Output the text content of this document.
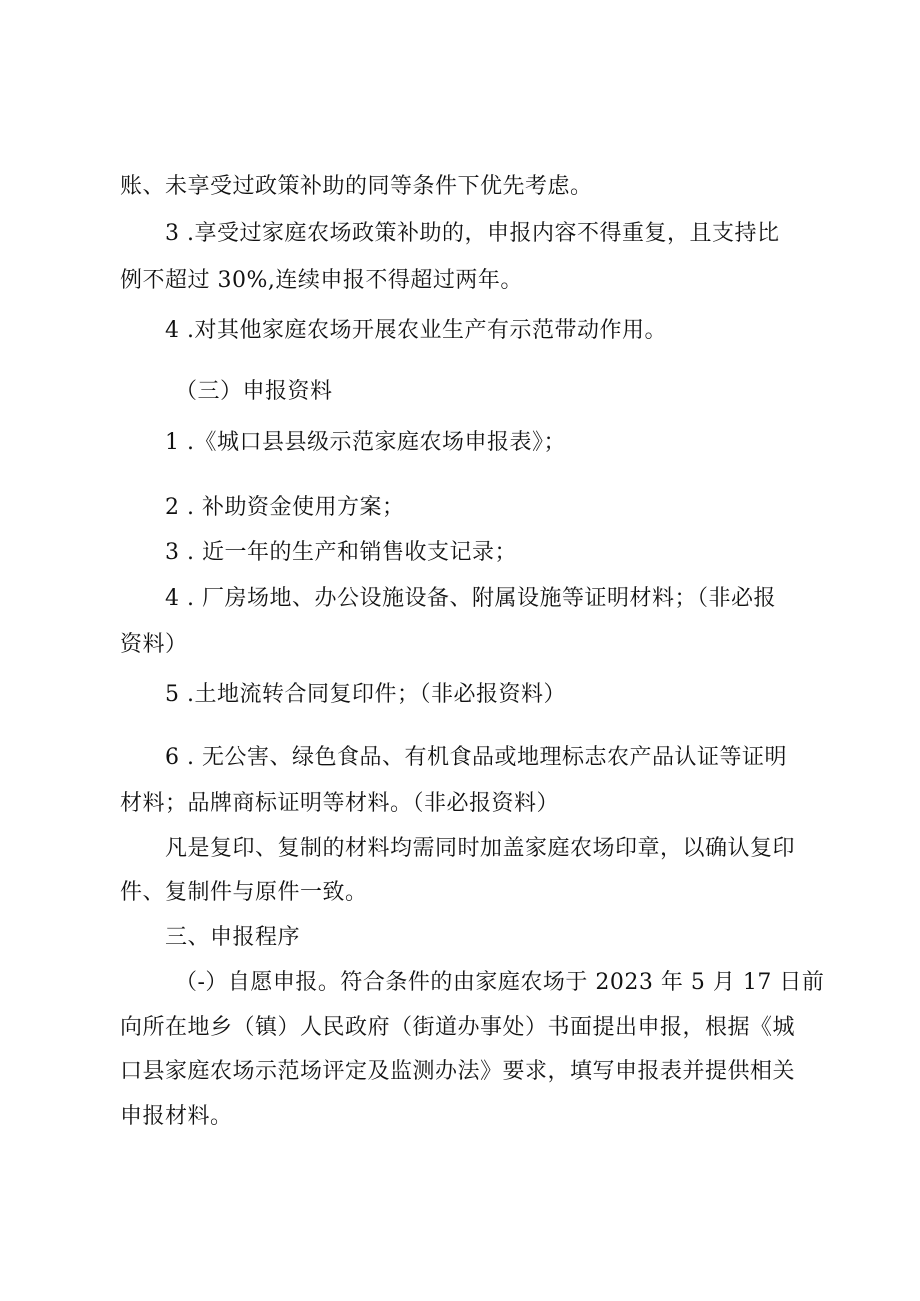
账、未享受过政策补助的同等条件下优先考虑。
3 .享受过家庭农场政策补助的，申报内容不得重复，且支持比
例不超过 30%,连续申报不得超过两年。
4 .对其他家庭农场开展农业生产有示范带动作用。
（三）申报资料
1 .《城口县县级示范家庭农场申报表》；
2 . 补助资金使用方案；
3 . 近一年的生产和销售收支记录；
4 . 厂房场地、办公设施设备、附属设施等证明材料；（非必报
资料）
5 .土地流转合同复印件；（非必报资料）
6 . 无公害、绿色食品、有机食品或地理标志农产品认证等证明
材料；品牌商标证明等材料。（非必报资料）
凡是复印、复制的材料均需同时加盖家庭农场印章，以确认复印
件、复制件与原件一致。
三、申报程序
（-）自愿申报。符合条件的由家庭农场于 2023 年 5 月 17 日前
向所在地乡（镇）人民政府（街道办事处）书面提出申报，根据《城
口县家庭农场示范场评定及监测办法》要求，填写申报表并提供相关
申报材料。
